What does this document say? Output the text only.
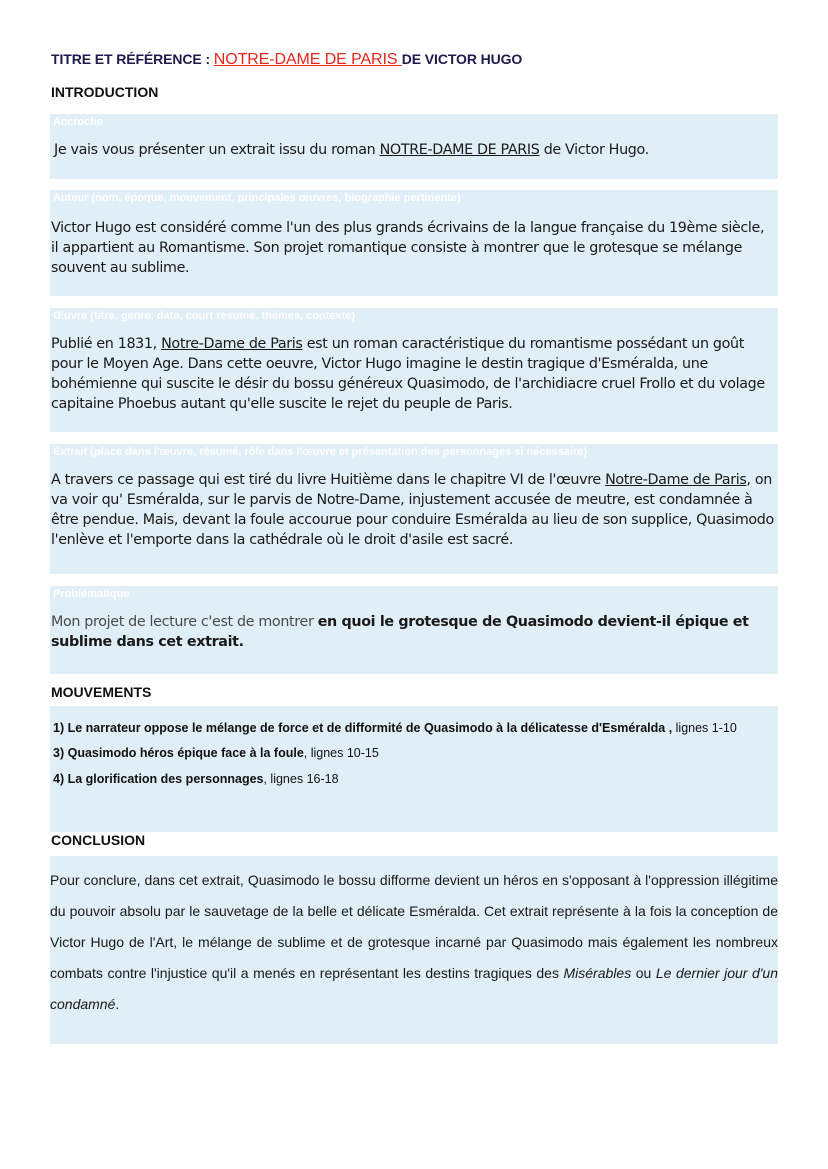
TITRE ET RÉFÉRENCE : NOTRE-DAME DE PARIS DE VICTOR HUGO
INTRODUCTION
Accroche
Je vais vous présenter un extrait issu du roman NOTRE-DAME DE PARIS de Victor Hugo.
Auteur (nom, époque, mouvement, principales œuvres, biographie pertinente)
Victor Hugo est considéré comme l'un des plus grands écrivains de la langue française du 19ème siècle, il appartient au Romantisme. Son projet romantique consiste à montrer que le grotesque se mélange souvent au sublime.
Œuvre (titre, genre, date, court résumé, thèmes, contexte)
Publié en 1831, Notre-Dame de Paris est un roman caractéristique du romantisme possédant un goût pour le Moyen Age. Dans cette oeuvre, Victor Hugo imagine le destin tragique d'Esméralda, une bohémienne qui suscite le désir du bossu généreux Quasimodo, de l'archidiacre cruel Frollo et du volage capitaine Phoebus autant qu'elle suscite le rejet du peuple de Paris.
Extrait (place dans l'œuvre, résumé, rôle dans l'œuvre et présentation des personnages si nécessaire)
A travers ce passage qui est tiré du livre Huitième dans le chapitre VI de l'œuvre Notre-Dame de Paris, on va voir qu' Esméralda, sur le parvis de Notre-Dame, injustement accusée de meutre, est condamnée à être pendue. Mais, devant la foule accourue pour conduire Esméralda au lieu de son supplice, Quasimodo l'enlève et l'emporte dans la cathédrale où le droit d'asile est sacré.
Problématique
Mon projet de lecture c'est de montrer en quoi le grotesque de Quasimodo devient-il épique et sublime dans cet extrait.
MOUVEMENTS
1) Le narrateur oppose le mélange de force et de difformité de Quasimodo à la délicatesse d'Esméralda , lignes 1-10
3) Quasimodo héros épique face à la foule, lignes 10-15
4) La glorification des personnages, lignes 16-18
CONCLUSION
Pour conclure, dans cet extrait, Quasimodo le bossu difforme devient un héros en s'opposant à l'oppression illégitime du pouvoir absolu par le sauvetage de la belle et délicate Esméralda. Cet extrait représente à la fois la conception de Victor Hugo de l'Art, le mélange de sublime et de grotesque incarné par Quasimodo mais également les nombreux combats contre l'injustice qu'il a menés en représentant les destins tragiques des Misérables ou Le dernier jour d'un condamné.
